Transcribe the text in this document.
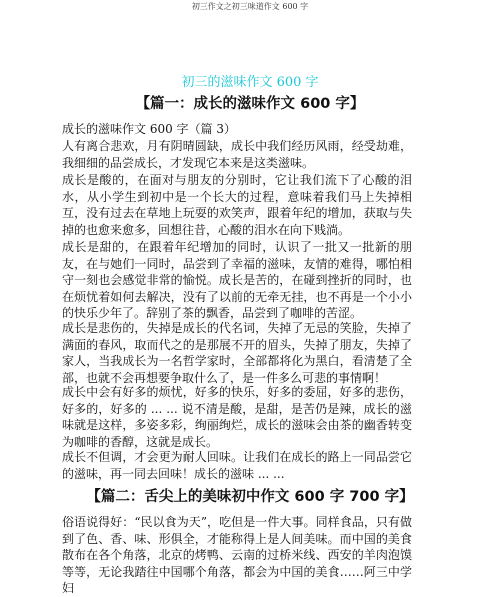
初三作文之初三味道作文 600 字
初三的滋味作文 600 字
【篇一：成长的滋味作文 600 字】

成长的滋味作文 600 字（篇 3）

人有离合悲欢，月有阴晴圆缺，成长中我们经历风雨，经受劫难，我细细的品尝成长，才发现它本来是这类滋味。

成长是酸的，在面对与朋友的分别时，它让我们流下了心酸的泪水，从小学生到初中是一个长大的过程，意味着我们马上失掉相互，没有过去在草地上玩耍的欢笑声，跟着年纪的增加，获取与失掉的也愈来愈多，回想往昔，心酸的泪水在向下贱淌。

成长是甜的，在跟着年纪增加的同时，认识了一批又一批新的朋友，在与她们一同时，品尝到了幸福的滋味，友情的难得，哪怕相守一刻也会感觉非常的愉悦。成长是苦的，在碰到挫折的同时，也在烦忧着如何去解决，没有了以前的无牵无挂，也不再是一个小小的快乐少年了。辞别了茶的飘香，品尝到了咖啡的苦涩。

成长是悲伤的，失掉是成长的代名词，失掉了无忌的笑脸，失掉了满面的春风，取而代之的是那展不开的眉头，失掉了朋友，失掉了家人，当我成长为一名哲学家时，全部都将化为黑白，看清楚了全部，也就不会再想要争取什么了，是一件多么可悲的事情啊！

成长中会有好多的烦忧，好多的快乐，好多的委屈，好多的悲伤，好多的，好多的 ... ... 说不清是酸，是甜，是苦仍是辣，成长的滋味就是这样，多姿多彩，绚丽绚烂，成长的滋味会由茶的幽香转变为咖啡的香醇，这就是成长。

成长不但调，才会更为耐人回味。让我们在成长的路上一同品尝它的滋味，再一同去回味！成长的滋味 ... ...

【篇二：舌尖上的美味初中作文 600 字 700 字】

俗语说得好：“民以食为天”，吃但是一件大事。同样食品，只有做到了色、香、味、形俱全，才能称得上是人间美味。而中国的美食散布在各个角落，北京的烤鸭、云南的过桥米线、西安的羊肉泡馍等等，无论我踏往中国哪个角落，都会为中国的美食……阿三中学妇
